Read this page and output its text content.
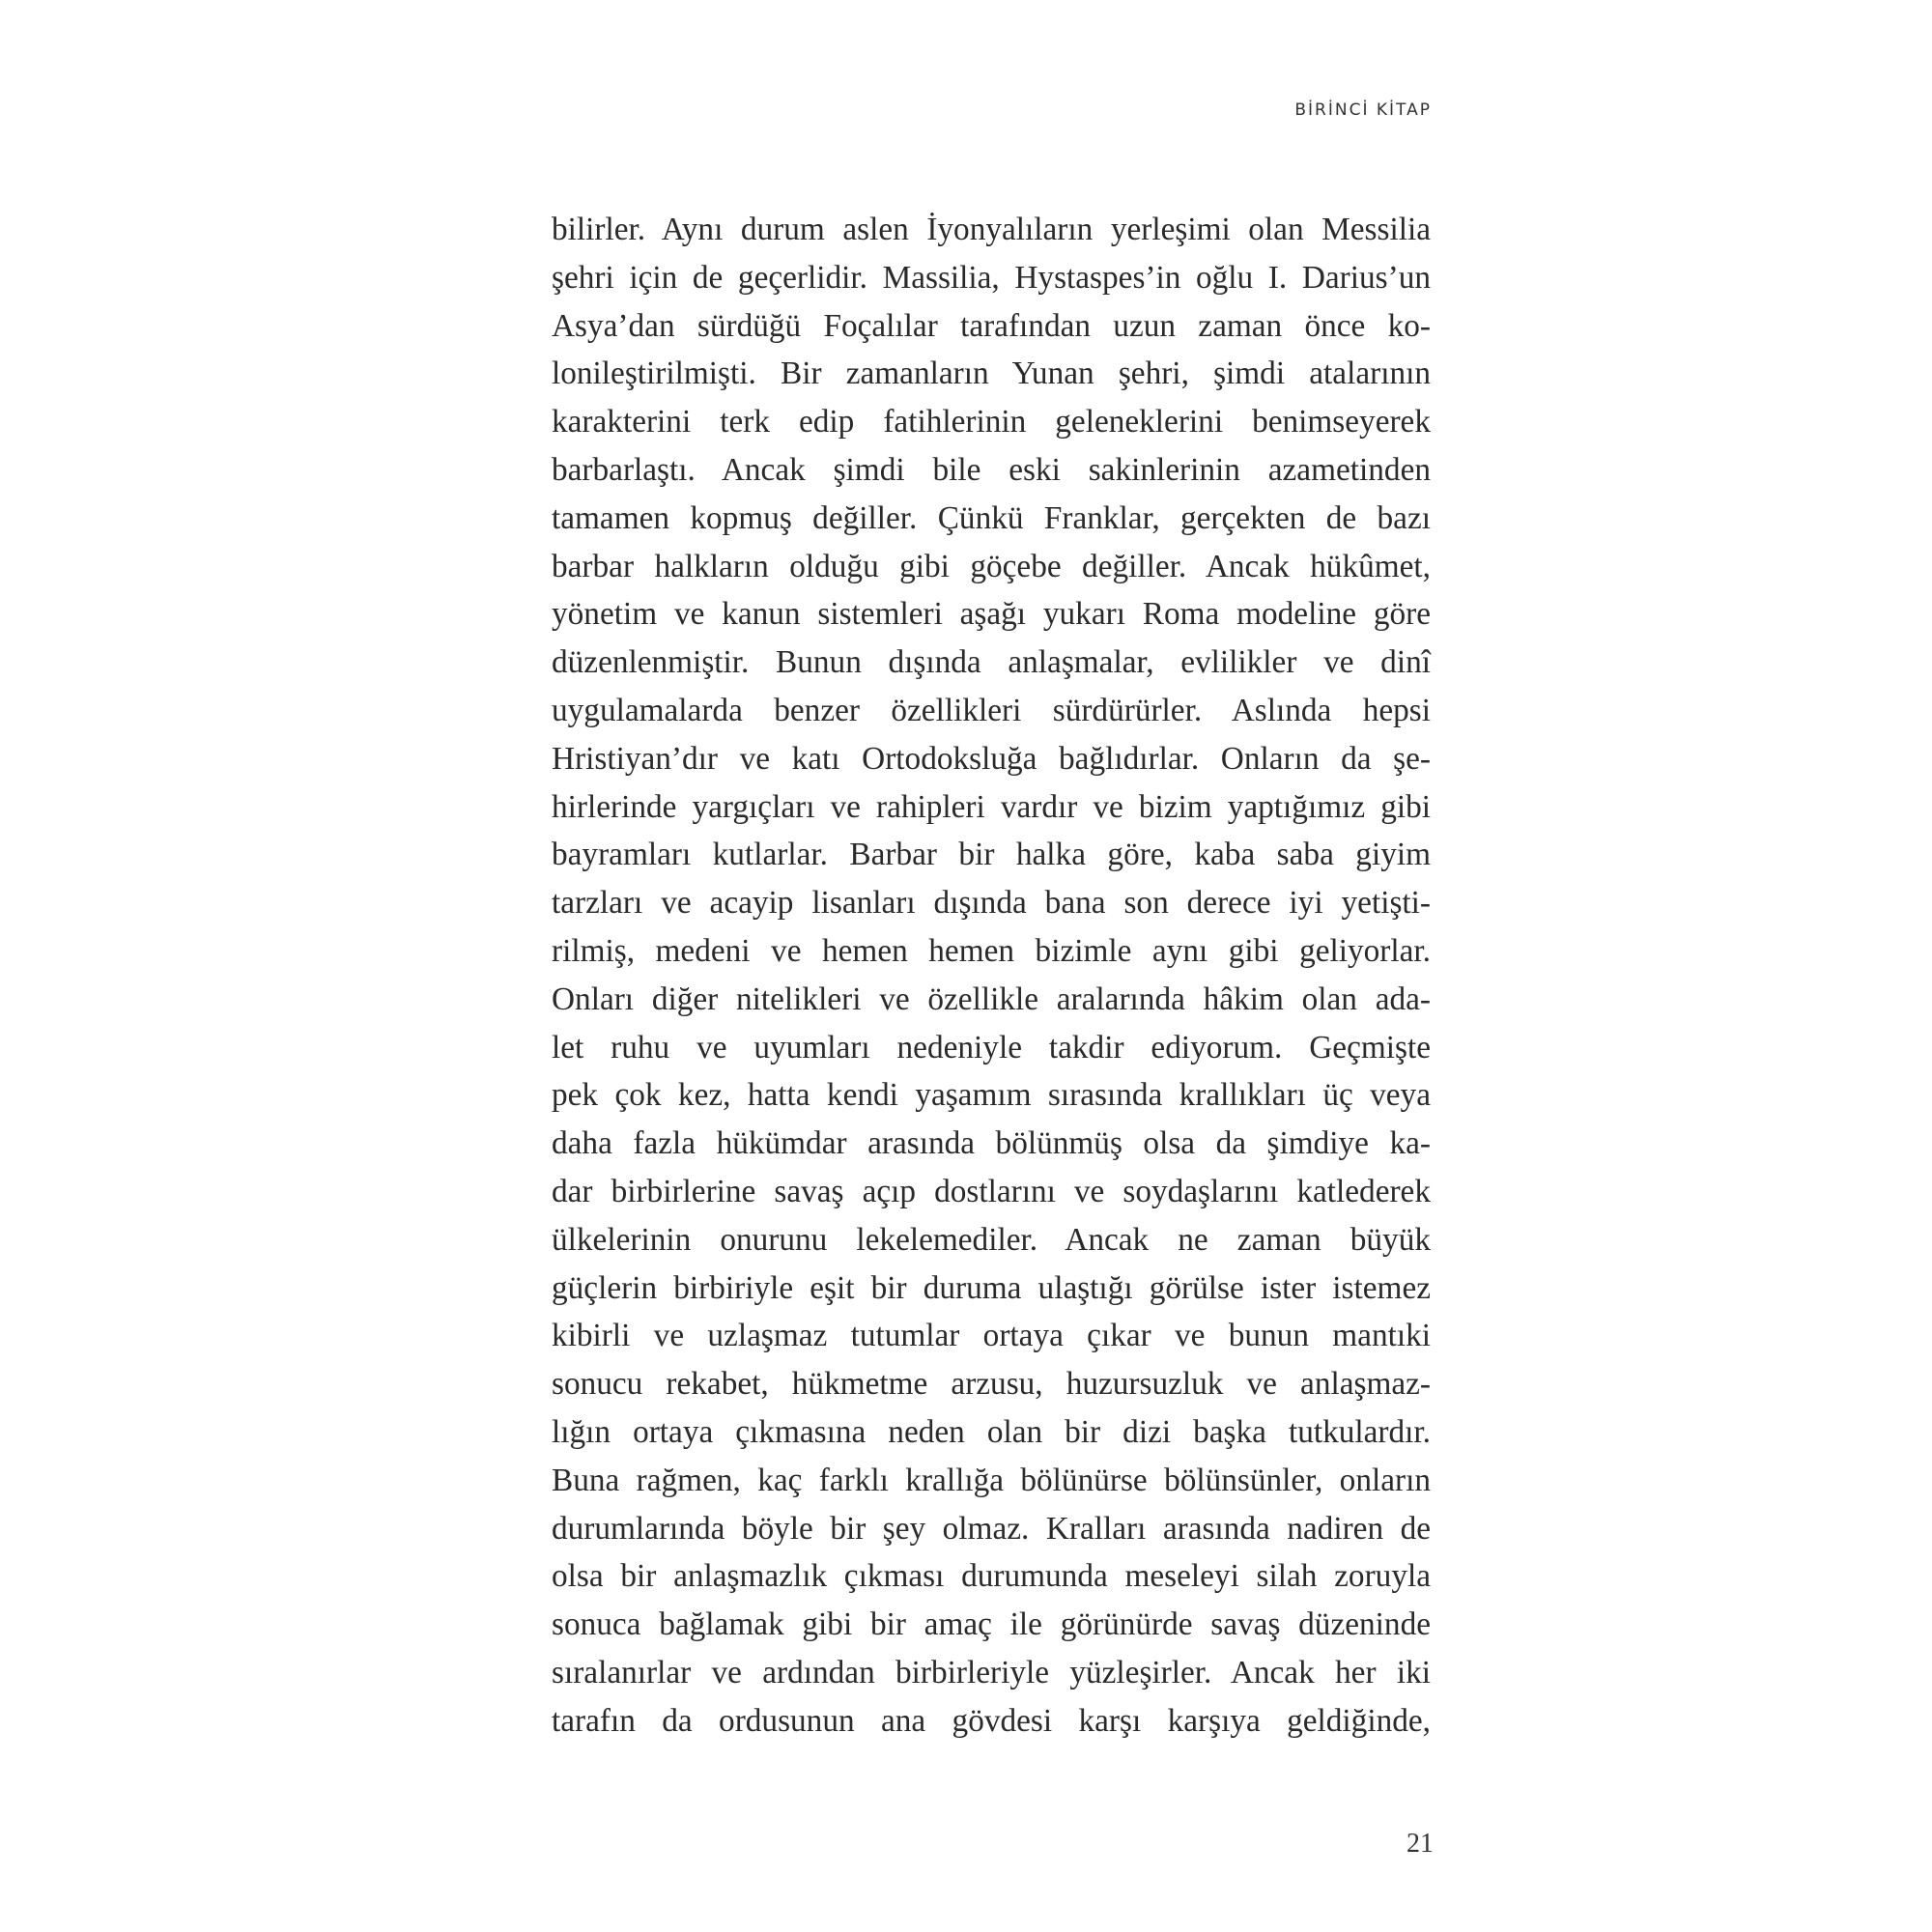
BİRİNCİ KİTAP
bilirler. Aynı durum aslen İyonyalıların yerleşimi olan Messilia
şehri için de geçerlidir. Massilia, Hystaspes’in oğlu I. Darius’un
Asya’dan sürdüğü Foçalılar tarafından uzun zaman önce ko-
lonileştirilmişti. Bir zamanların Yunan şehri, şimdi atalarının
karakterini terk edip fatihlerinin geleneklerini benimseyerek
barbarlaştı. Ancak şimdi bile eski sakinlerinin azametinden
tamamen kopmuş değiller. Çünkü Franklar, gerçekten de bazı
barbar halkların olduğu gibi göçebe değiller. Ancak hükûmet,
yönetim ve kanun sistemleri aşağı yukarı Roma modeline göre
düzenlenmiştir. Bunun dışında anlaşmalar, evlilikler ve dinî
uygulamalarda benzer özellikleri sürdürürler. Aslında hepsi
Hristiyan’dır ve katı Ortodoksluğa bağlıdırlar. Onların da şe-
hirlerinde yargıçları ve rahipleri vardır ve bizim yaptığımız gibi
bayramları kutlarlar. Barbar bir halka göre, kaba saba giyim
tarzları ve acayip lisanları dışında bana son derece iyi yetişti-
rilmiş, medeni ve hemen hemen bizimle aynı gibi geliyorlar.
Onları diğer nitelikleri ve özellikle aralarında hâkim olan ada-
let ruhu ve uyumları nedeniyle takdir ediyorum. Geçmişte
pek çok kez, hatta kendi yaşamım sırasında krallıkları üç veya
daha fazla hükümdar arasında bölünmüş olsa da şimdiye ka-
dar birbirlerine savaş açıp dostlarını ve soydaşlarını katlederek
ülkelerinin onurunu lekelemediler. Ancak ne zaman büyük
güçlerin birbiriyle eşit bir duruma ulaştığı görülse ister istemez
kibirli ve uzlaşmaz tutumlar ortaya çıkar ve bunun mantıki
sonucu rekabet, hükmetme arzusu, huzursuzluk ve anlaşmaz-
lığın ortaya çıkmasına neden olan bir dizi başka tutkulardır.
Buna rağmen, kaç farklı krallığa bölünürse bölünsünler, onların
durumlarında böyle bir şey olmaz. Kralları arasında nadiren de
olsa bir anlaşmazlık çıkması durumunda meseleyi silah zoruyla
sonuca bağlamak gibi bir amaç ile görünürde savaş düzeninde
sıralanırlar ve ardından birbirleriyle yüzleşirler. Ancak her iki
tarafın da ordusunun ana gövdesi karşı karşıya geldiğinde,
21
